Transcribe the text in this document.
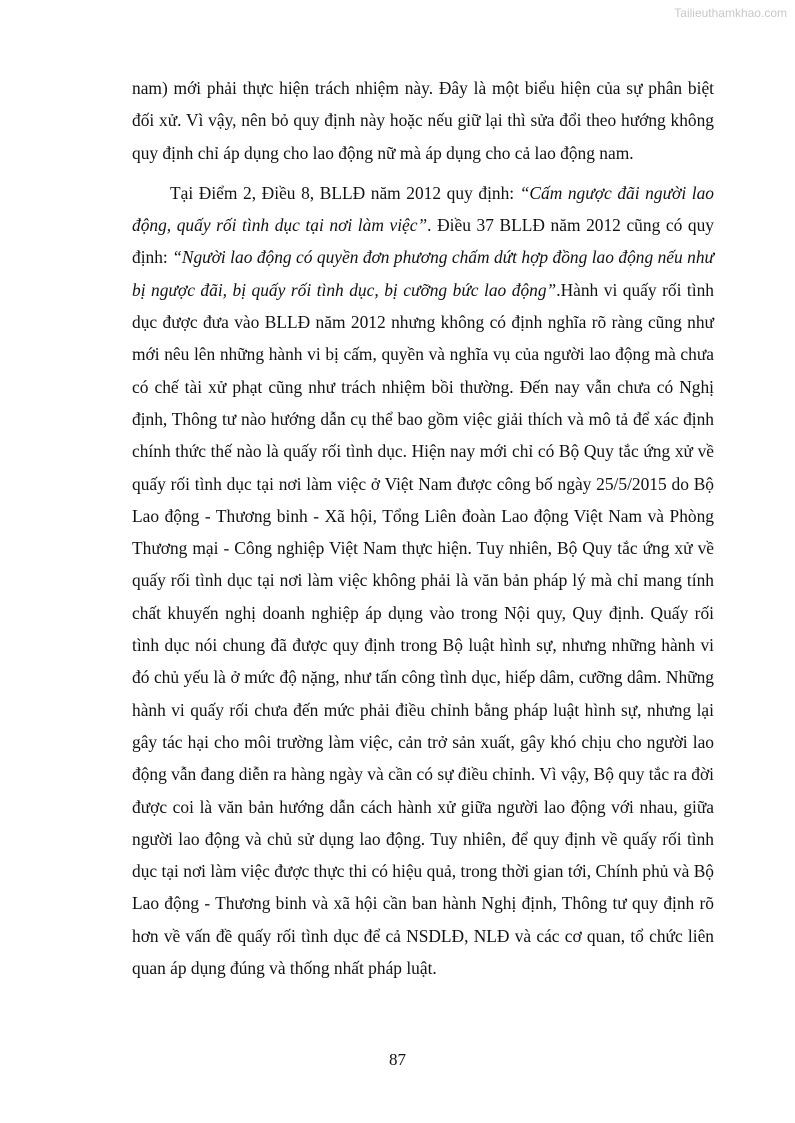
Tailieuthamkhao.com

nam) mới phải thực hiện trách nhiệm này. Đây là một biểu hiện của sự phân biệt đối xử. Vì vậy, nên bỏ quy định này hoặc nếu giữ lại thì sửa đổi theo hướng không quy định chỉ áp dụng cho lao động nữ mà áp dụng cho cả lao động nam.

Tại Điểm 2, Điều 8, BLLĐ năm 2012 quy định: “Cấm ngược đãi người lao động, quấy rối tình dục tại nơi làm việc”. Điều 37 BLLĐ năm 2012 cũng có quy định: “Người lao động có quyền đơn phương chấm dứt hợp đồng lao động nếu như bị ngược đãi, bị quấy rối tình dục, bị cưỡng bức lao động”.Hành vi quấy rối tình dục được đưa vào BLLĐ năm 2012 nhưng không có định nghĩa rõ ràng cũng như mới nêu lên những hành vi bị cấm, quyền và nghĩa vụ của người lao động mà chưa có chế tài xử phạt cũng như trách nhiệm bồi thường. Đến nay vẫn chưa có Nghị định, Thông tư nào hướng dẫn cụ thể bao gồm việc giải thích và mô tả để xác định chính thức thế nào là quấy rối tình dục. Hiện nay mới chỉ có Bộ Quy tắc ứng xử về quấy rối tình dục tại nơi làm việc ở Việt Nam được công bố ngày 25/5/2015 do Bộ Lao động - Thương binh - Xã hội, Tổng Liên đoàn Lao động Việt Nam và Phòng Thương mại - Công nghiệp Việt Nam thực hiện. Tuy nhiên, Bộ Quy tắc ứng xử về quấy rối tình dục tại nơi làm việc không phải là văn bản pháp lý mà chỉ mang tính chất khuyến nghị doanh nghiệp áp dụng vào trong Nội quy, Quy định. Quấy rối tình dục nói chung đã được quy định trong Bộ luật hình sự, nhưng những hành vi đó chủ yếu là ở mức độ nặng, như tấn công tình dục, hiếp dâm, cưỡng dâm. Những hành vi quấy rối chưa đến mức phải điều chỉnh bằng pháp luật hình sự, nhưng lại gây tác hại cho môi trường làm việc, cản trở sản xuất, gây khó chịu cho người lao động vẫn đang diễn ra hàng ngày và cần có sự điều chỉnh. Vì vậy, Bộ quy tắc ra đời được coi là văn bản hướng dẫn cách hành xử giữa người lao động với nhau, giữa người lao động và chủ sử dụng lao động. Tuy nhiên, để quy định về quấy rối tình dục tại nơi làm việc được thực thi có hiệu quả, trong thời gian tới, Chính phủ và Bộ Lao động - Thương binh và xã hội cần ban hành Nghị định, Thông tư quy định rõ hơn về vấn đề quấy rối tình dục để cả NSDLĐ, NLĐ và các cơ quan, tổ chức liên quan áp dụng đúng và thống nhất pháp luật.

87
